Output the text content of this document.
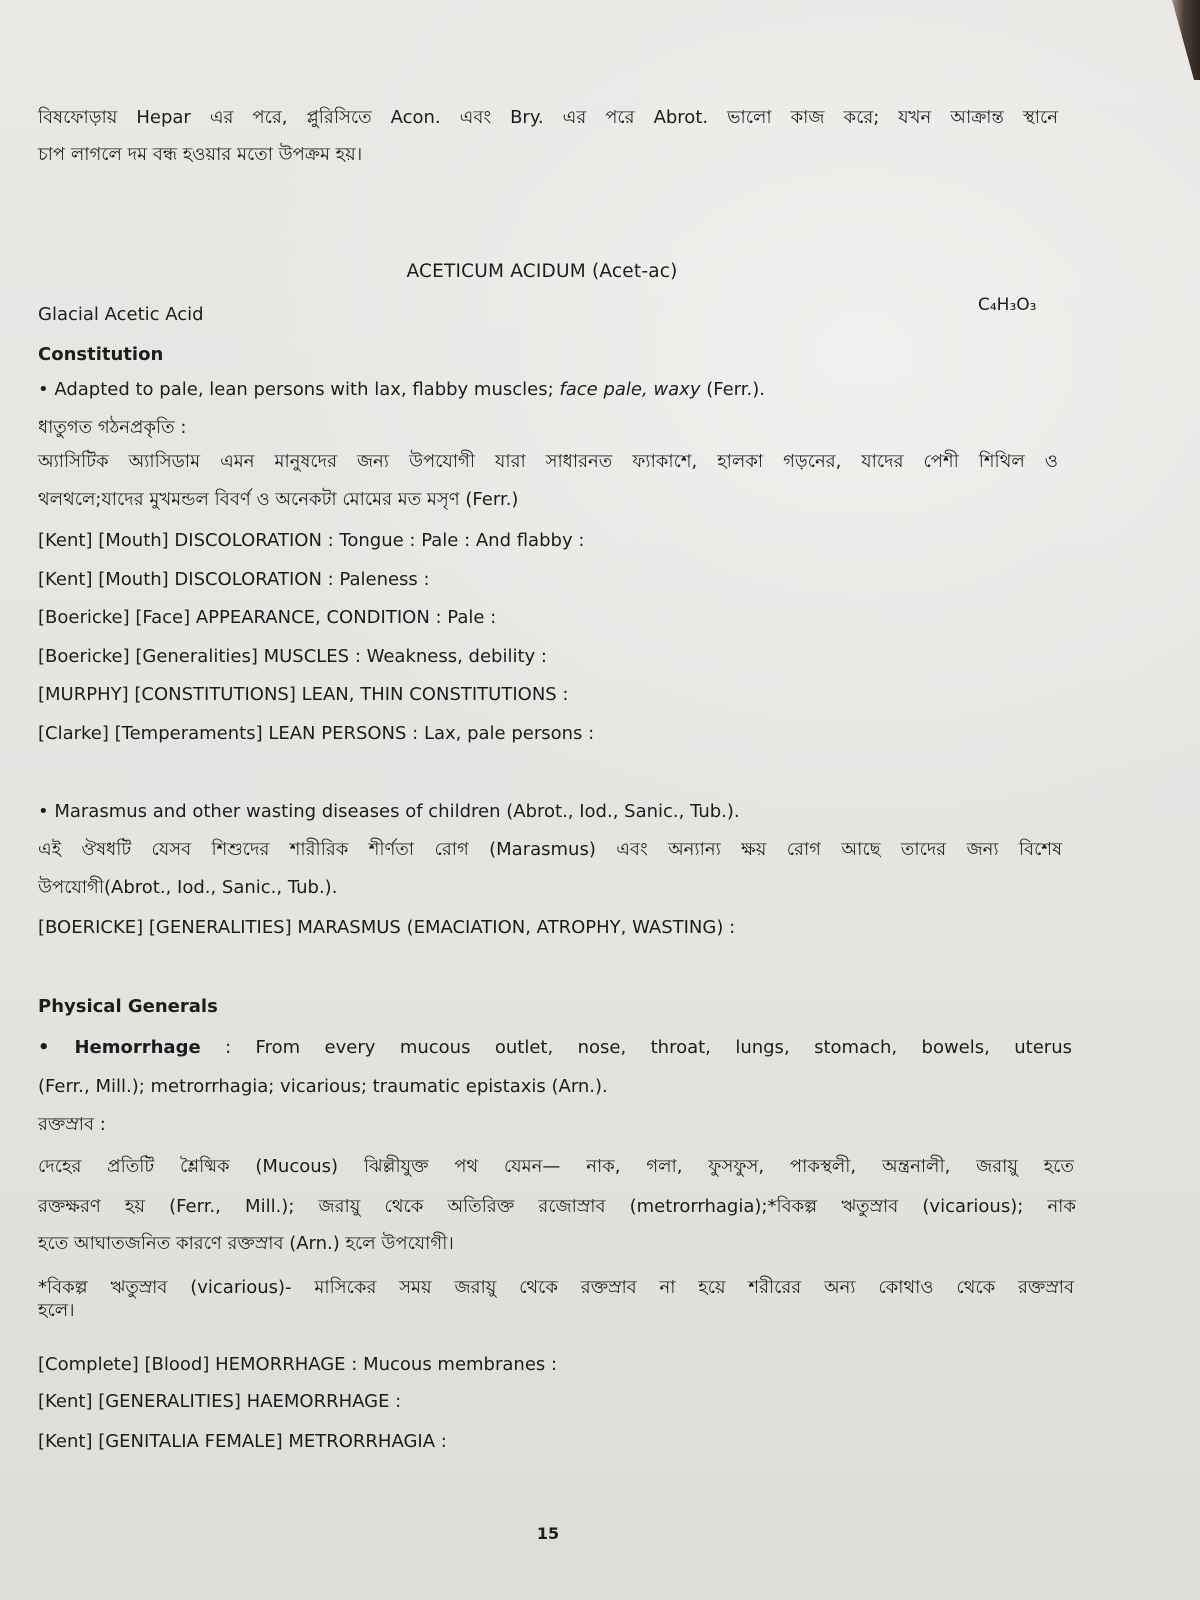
বিষফোড়ায় Hepar এর পরে, প্লুরিসিতে Acon. এবং Bry. এর পরে Abrot. ভালো কাজ করে; যখন আক্রান্ত স্থানে
চাপ লাগলে দম বন্ধ হওয়ার মতো উপক্রম হয়।
ACETICUM ACIDUM (Acet-ac)
Glacial Acetic Acid	C₄H₃O₃
Constitution
• Adapted to pale, lean persons with lax, flabby muscles; face pale, waxy (Ferr.).
ধাতুগত গঠনপ্রকৃতি :
অ্যাসিটিক অ্যাসিডাম এমন মানুষদের জন্য উপযোগী যারা সাধারনত ফ্যাকাশে, হালকা গড়নের, যাদের পেশী শিথিল ও
থলথলে;যাদের মুখমন্ডল বিবর্ণ ও অনেকটা মোমের মত মসৃণ (Ferr.)
[Kent] [Mouth] DISCOLORATION : Tongue : Pale : And flabby :
[Kent] [Mouth] DISCOLORATION : Paleness :
[Boericke] [Face] APPEARANCE, CONDITION : Pale :
[Boericke] [Generalities] MUSCLES : Weakness, debility :
[MURPHY] [CONSTITUTIONS] LEAN, THIN CONSTITUTIONS :
[Clarke] [Temperaments] LEAN PERSONS : Lax, pale persons :
• Marasmus and other wasting diseases of children (Abrot., Iod., Sanic., Tub.).
এই ঔষধটি যেসব শিশুদের শারীরিক শীর্ণতা রোগ (Marasmus) এবং অন্যান্য ক্ষয় রোগ আছে তাদের জন্য বিশেষ
উপযোগী(Abrot., Iod., Sanic., Tub.).
[BOERICKE] [GENERALITIES] MARASMUS (EMACIATION, ATROPHY, WASTING) :
Physical Generals
• Hemorrhage : From every mucous outlet, nose, throat, lungs, stomach, bowels, uterus
(Ferr., Mill.); metrorrhagia; vicarious; traumatic epistaxis (Arn.).
রক্তস্রাব :
দেহের প্রতিটি শ্লৈষ্মিক (Mucous) ঝিল্লীযুক্ত পথ যেমন— নাক, গলা, ফুসফুস, পাকস্থলী, অন্ত্রনালী, জরায়ু হতে
রক্তক্ষরণ হয় (Ferr., Mill.); জরায়ু থেকে অতিরিক্ত রজোস্রাব (metrorrhagia);*বিকল্প ঋতুস্রাব (vicarious); নাক
হতে আঘাতজনিত কারণে রক্তস্রাব (Arn.) হলে উপযোগী।
*বিকল্প ঋতুস্রাব (vicarious)- মাসিকের সময় জরায়ু থেকে রক্তস্রাব না হয়ে শরীরের অন্য কোথাও থেকে রক্তস্রাব
হলে।
[Complete] [Blood] HEMORRHAGE : Mucous membranes :
[Kent] [GENERALITIES] HAEMORRHAGE :
[Kent] [GENITALIA FEMALE] METRORRHAGIA :
15
